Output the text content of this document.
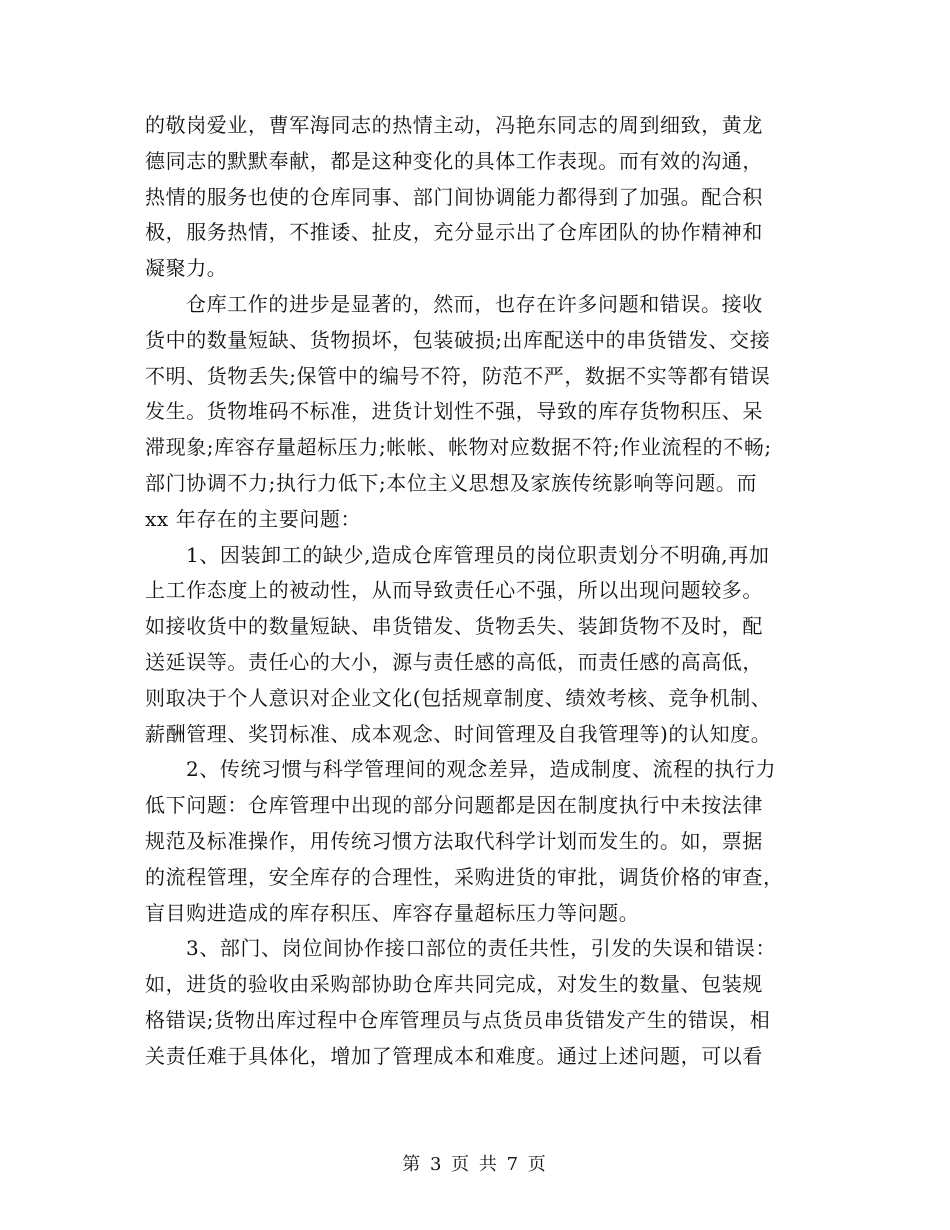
的敬岗爱业，曹军海同志的热情主动，冯艳东同志的周到细致，黄龙
德同志的默默奉献，都是这种变化的具体工作表现。而有效的沟通，
热情的服务也使的仓库同事、部门间协调能力都得到了加强。配合积
极，服务热情，不推诿、扯皮，充分显示出了仓库团队的协作精神和
凝聚力。
仓库工作的进步是显著的，然而，也存在许多问题和错误。接收
货中的数量短缺、货物损坏，包装破损;出库配送中的串货错发、交接
不明、货物丢失;保管中的编号不符，防范不严，数据不实等都有错误
发生。货物堆码不标准，进货计划性不强，导致的库存货物积压、呆
滞现象;库容存量超标压力;帐帐、帐物对应数据不符;作业流程的不畅;
部门协调不力;执行力低下;本位主义思想及家族传统影响等问题。而
xx 年存在的主要问题：
1、因装卸工的缺少,造成仓库管理员的岗位职责划分不明确,再加
上工作态度上的被动性，从而导致责任心不强，所以出现问题较多。
如接收货中的数量短缺、串货错发、货物丢失、装卸货物不及时，配
送延误等。责任心的大小，源与责任感的高低，而责任感的高高低，
则取决于个人意识对企业文化(包括规章制度、绩效考核、竞争机制、
薪酬管理、奖罚标准、成本观念、时间管理及自我管理等)的认知度。
2、传统习惯与科学管理间的观念差异，造成制度、流程的执行力
低下问题：仓库管理中出现的部分问题都是因在制度执行中未按法律
规范及标准操作，用传统习惯方法取代科学计划而发生的。如，票据
的流程管理，安全库存的合理性，采购进货的审批，调货价格的审查，
盲目购进造成的库存积压、库容存量超标压力等问题。
3、部门、岗位间协作接口部位的责任共性，引发的失误和错误：
如，进货的验收由采购部协助仓库共同完成，对发生的数量、包装规
格错误;货物出库过程中仓库管理员与点货员串货错发产生的错误，相
关责任难于具体化，增加了管理成本和难度。通过上述问题，可以看
第 3 页 共 7 页
